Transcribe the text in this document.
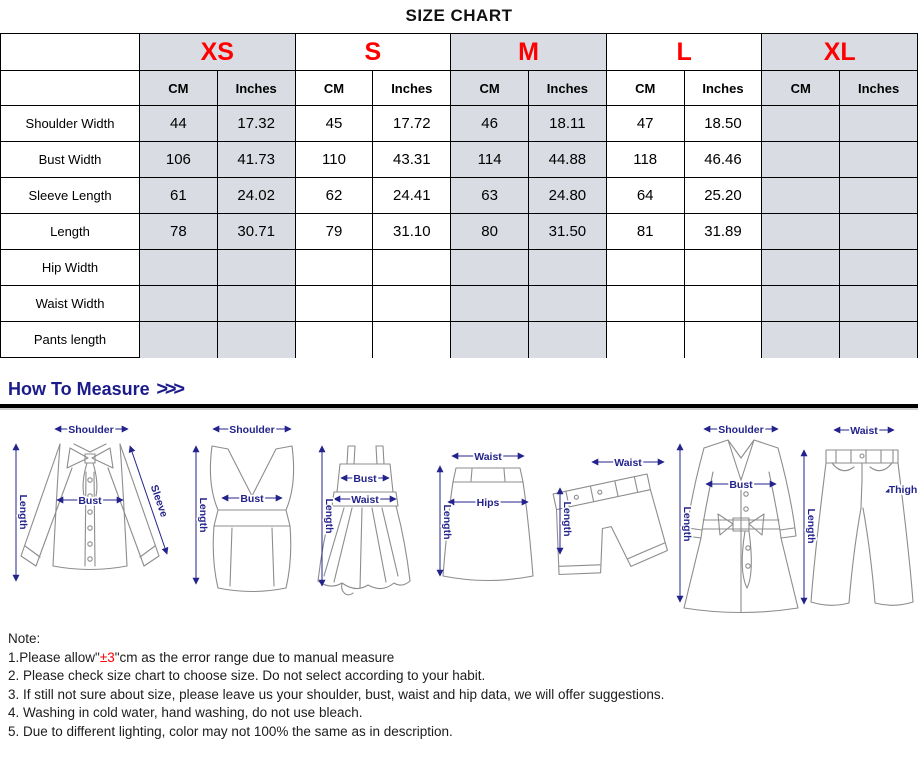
SIZE CHART
	XS		S		M		L		XL	
	CM	Inches	CM	Inches	CM	Inches	CM	Inches	CM	Inches
Shoulder Width	44	17.32	45	17.72	46	18.11	47	18.50		
Bust Width	106	41.73	110	43.31	114	44.88	118	46.46		
Sleeve Length	61	24.02	62	24.41	63	24.80	64	25.20		
Length	78	30.71	79	31.10	80	31.50	81	31.89		
Hip Width										
Waist Width										
Pants length										
How To Measure >>>
Shoulder
Length	Bust	Sleeve
Shoulder
Length	Bust
Bust
Waist
Length
Waist
Hips
Length
Waist
Length
Shoulder
Bust
Length
Waist
Length
Thigh
Note:
1.Please allow"±3"cm as the error range due to manual measure
2. Please check size chart to choose size. Do not select according to your habit.
3. If still not sure about size, please leave us your shoulder, bust, waist and hip data, we will offer suggestions.
4. Washing in cold water, hand washing, do not use bleach.
5. Due to different lighting, color may not 100% the same as in description.
